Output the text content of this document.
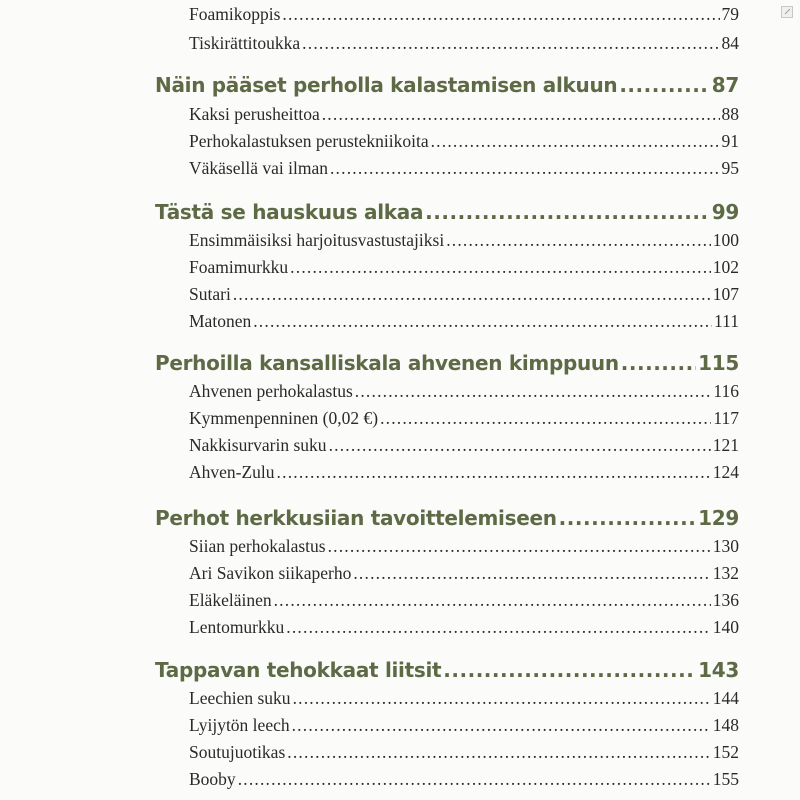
Foamikoppis .....	79
Tiskirättitoukka .....	84
Näin pääset perholla kalastamisen alkuun .....	87
Kaksi perusheittoa .....	88
Perhokalastuksen perustekniikoita .....	91
Väkäsellä vai ilman .....	95
Tästä se hauskuus alkaa .....	99
Ensimmäisiksi harjoitusvastustajiksi .....	100
Foamimurkku .....	102
Sutari .....	107
Matonen .....	111
Perhoilla kansalliskala ahvenen kimppuun .....	115
Ahvenen perhokalastus .....	116
Kymmenpenninen (0,02 €) .....	117
Nakkisurvarin suku .....	121
Ahven-Zulu .....	124
Perhot herkkusiian tavoittelemiseen .....	129
Siian perhokalastus .....	130
Ari Savikon siikaperho .....	132
Eläkeläinen .....	136
Lentomurkku .....	140
Tappavan tehokkaat liitsit .....	143
Leechien suku .....	144
Lyijytön leech .....	148
Soutujuotikas .....	152
Booby .....	155
